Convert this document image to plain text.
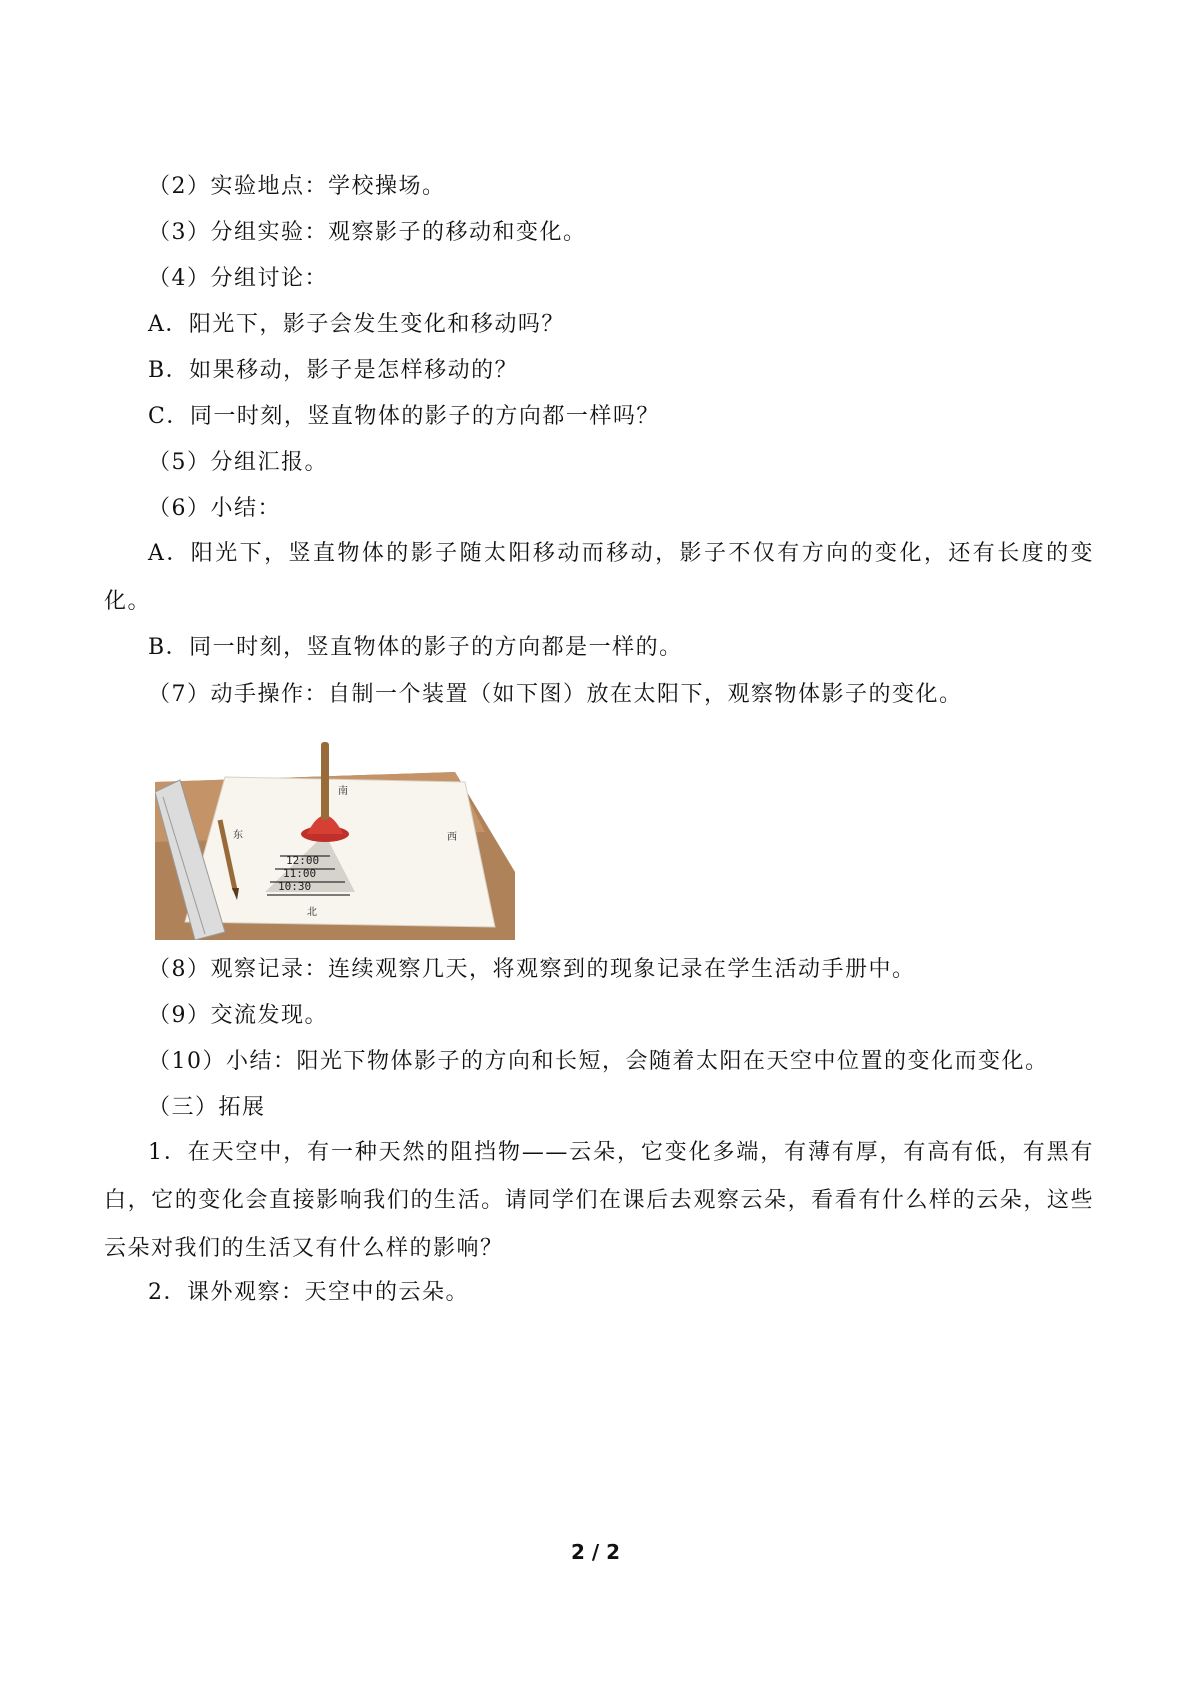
（2）实验地点：学校操场。
（3）分组实验：观察影子的移动和变化。
（4）分组讨论：
A．阳光下，影子会发生变化和移动吗？
B．如果移动，影子是怎样移动的？
C．同一时刻，竖直物体的影子的方向都一样吗？
（5）分组汇报。
（6）小结：
A．阳光下，竖直物体的影子随太阳移动而移动，影子不仅有方向的变化，还有长度的变化。
B．同一时刻，竖直物体的影子的方向都是一样的。
（7）动手操作：自制一个装置（如下图）放在太阳下，观察物体影子的变化。
12:00
11:00
10:30
东	西
南
北
（8）观察记录：连续观察几天，将观察到的现象记录在学生活动手册中。
（9）交流发现。
（10）小结：阳光下物体影子的方向和长短，会随着太阳在天空中位置的变化而变化。
（三）拓展
1．在天空中，有一种天然的阻挡物——云朵，它变化多端，有薄有厚，有高有低，有黑有白，它的变化会直接影响我们的生活。请同学们在课后去观察云朵，看看有什么样的云朵，这些云朵对我们的生活又有什么样的影响？
2．课外观察：天空中的云朵。
2 / 2
